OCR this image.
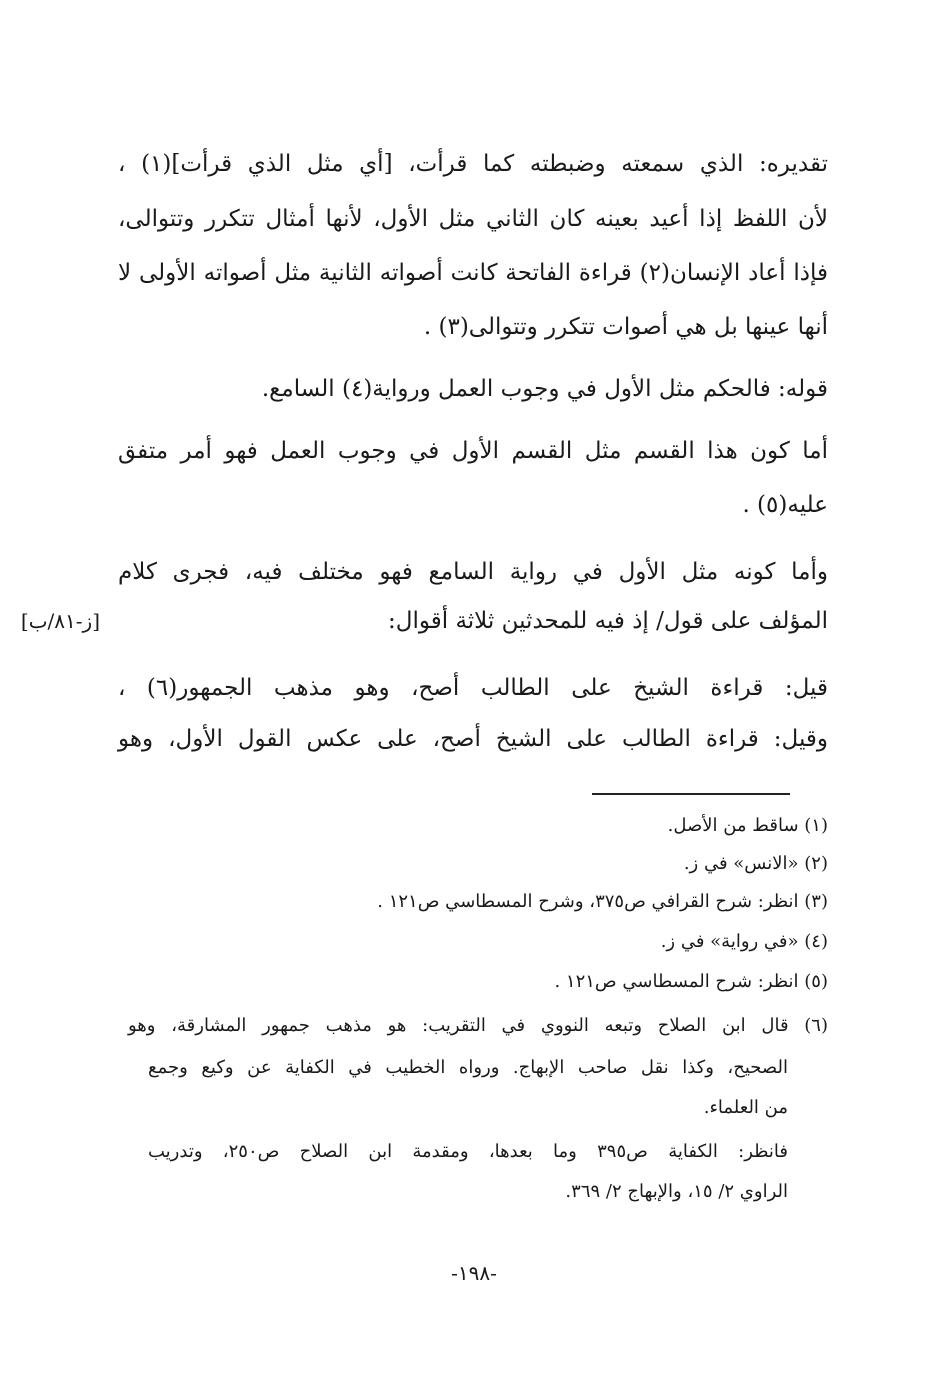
تقديره: الذي سمعته وضبطته كما قرأت، [أي مثل الذي قرأت](١) ،
لأن اللفظ إذا أعيد بعينه كان الثاني مثل الأول، لأنها أمثال تتكرر وتتوالى،
فإذا أعاد الإنسان(٢) قراءة الفاتحة كانت أصواته الثانية مثل أصواته الأولى لا
أنها عينها بل هي أصوات تتكرر وتتوالى(٣) .
قوله: فالحكم مثل الأول في وجوب العمل ورواية(٤) السامع.
أما كون هذا القسم مثل القسم الأول في وجوب العمل فهو أمر متفق
عليه(٥) .
وأما كونه مثل الأول في رواية السامع فهو مختلف فيه، فجرى كلام
المؤلف على قول/ إذ فيه للمحدثين ثلاثة أقوال:
[ز-٨١/ب]
قيل: قراءة الشيخ على الطالب أصح، وهو مذهب الجمهور(٦) ،
وقيل: قراءة الطالب على الشيخ أصح، على عكس القول الأول، وهو
(١) ساقط من الأصل.
(٢) «الانس» في ز.
(٣) انظر: شرح القرافي ص٣٧٥، وشرح المسطاسي ص١٢١ .
(٤) «في رواية» في ز.
(٥) انظر: شرح المسطاسي ص١٢١ .
(٦) قال ابن الصلاح وتبعه النووي في التقريب: هو مذهب جمهور المشارقة، وهو
الصحيح، وكذا نقل صاحب الإبهاج. ورواه الخطيب في الكفاية عن وكيع وجمع
من العلماء.
فانظر: الكفاية ص٣٩٥ وما بعدها، ومقدمة ابن الصلاح ص٢٥٠، وتدريب
الراوي ٢/ ١٥، والإبهاج ٢/ ٣٦٩.
-١٩٨-
